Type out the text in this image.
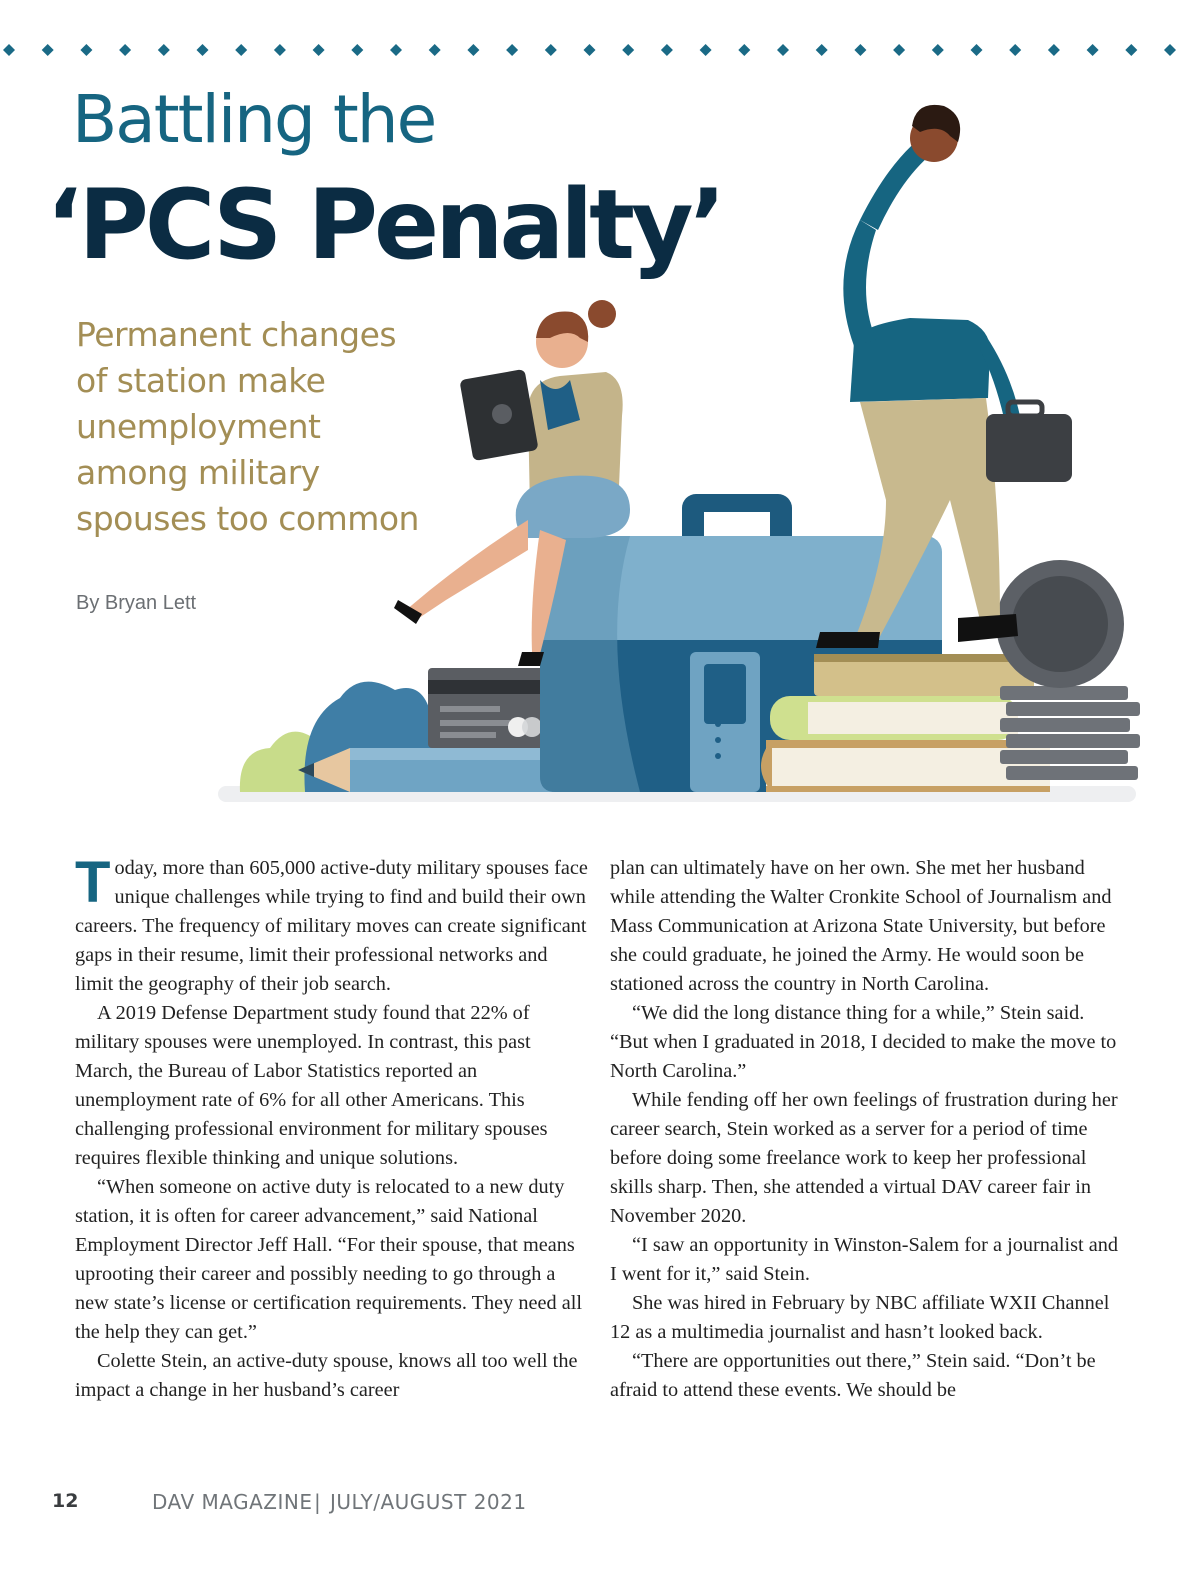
Battling the
‘PCS Penalty’
Permanent changes
of station make
unemployment
among military
spouses too common
By Bryan Lett

Today, more than 605,000 active-duty military spouses face unique challenges while trying to find and build their own careers. The frequency of military moves can create significant gaps in their resume, limit their professional networks and limit the geography of their job search.

A 2019 Defense Department study found that 22% of military spouses were unemployed. In contrast, this past March, the Bureau of Labor Statistics reported an unemployment rate of 6% for all other Americans. This challenging professional environment for military spouses requires flexible thinking and unique solutions.

“When someone on active duty is relocated to a new duty station, it is often for career advancement,” said National Employment Director Jeff Hall. “For their spouse, that means uprooting their career and possibly needing to go through a new state’s license or certification requirements. They need all the help they can get.”

Colette Stein, an active-duty spouse, knows all too well the impact a change in her husband’s career

plan can ultimately have on her own. She met her husband while attending the Walter Cronkite School of Journalism and Mass Communication at Arizona State University, but before she could graduate, he joined the Army. He would soon be stationed across the country in North Carolina.

“We did the long distance thing for a while,” Stein said. “But when I graduated in 2018, I decided to make the move to North Carolina.”

While fending off her own feelings of frustration during her career search, Stein worked as a server for a period of time before doing some freelance work to keep her professional skills sharp. Then, she attended a virtual DAV career fair in November 2020.

“I saw an opportunity in Winston-Salem for a journalist and I went for it,” said Stein.

She was hired in February by NBC affiliate WXII Channel 12 as a multimedia journalist and hasn’t looked back.

“There are opportunities out there,” Stein said. “Don’t be afraid to attend these events. We should be

12	DAV MAGAZINE | JULY/AUGUST 2021
